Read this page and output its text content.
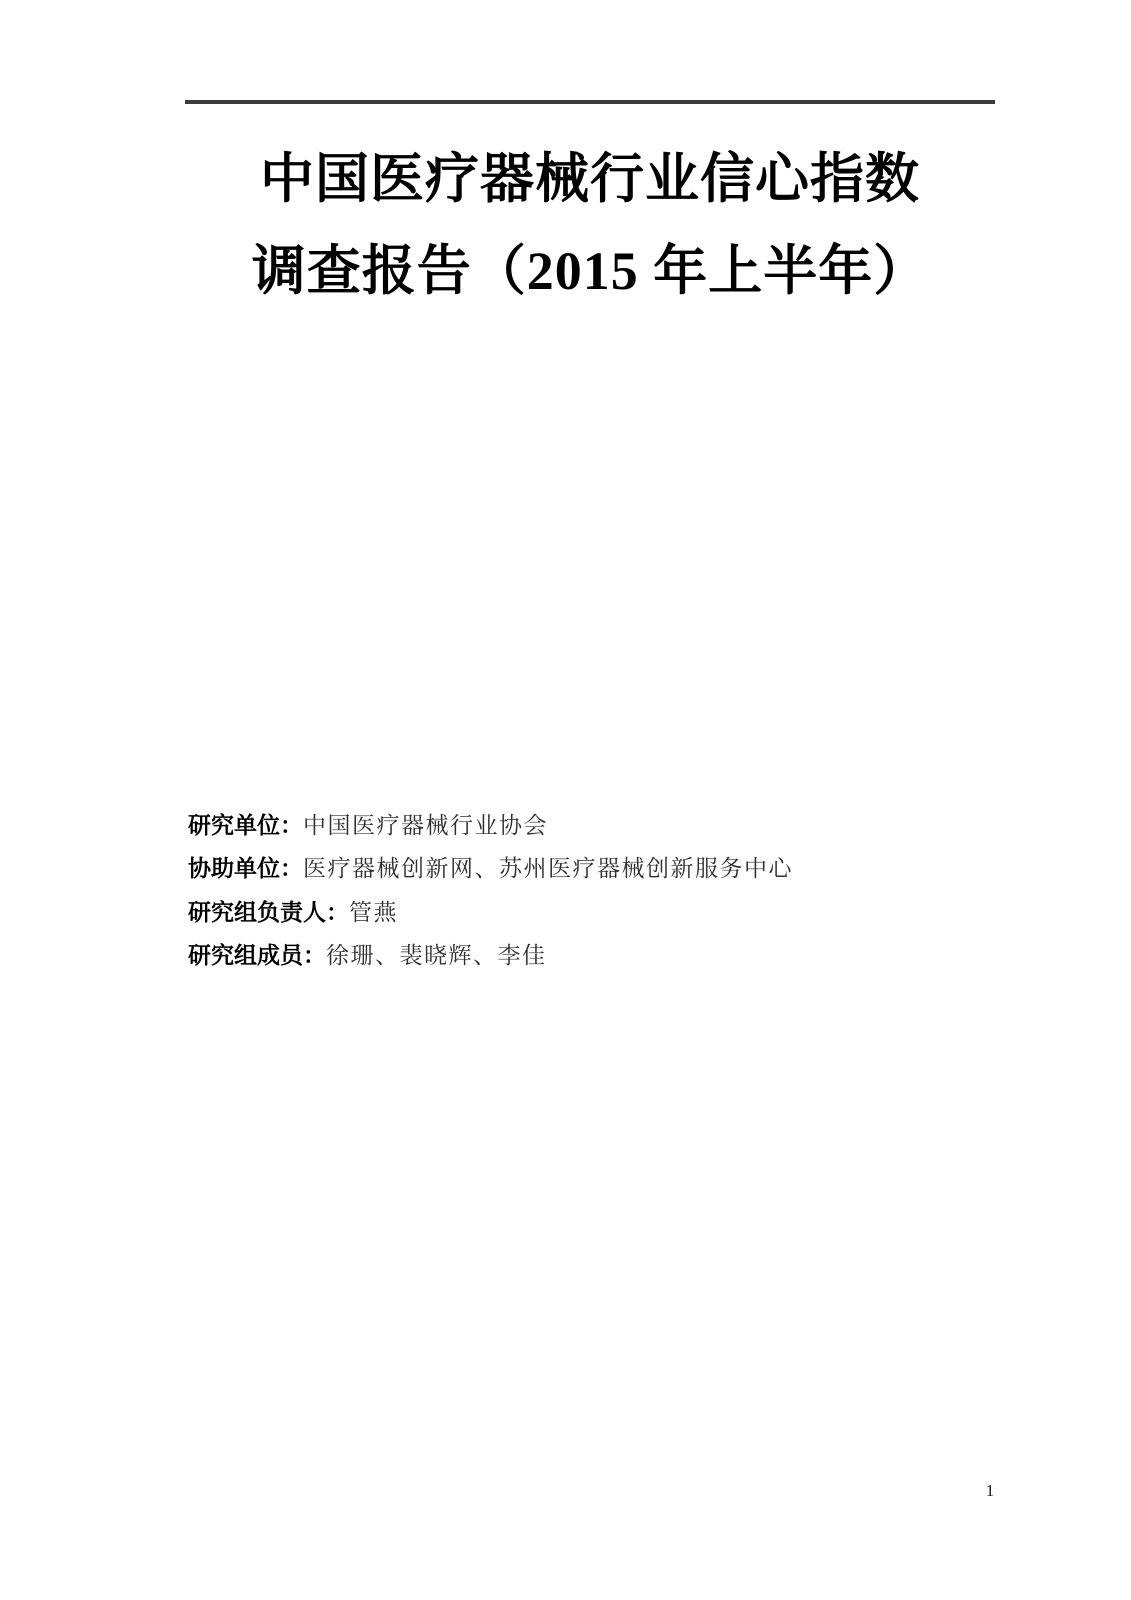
中国医疗器械行业信心指数
调查报告（2015 年上半年）
研究单位：中国医疗器械行业协会
协助单位：医疗器械创新网、苏州医疗器械创新服务中心
研究组负责人：管燕
研究组成员：徐珊、裴晓辉、李佳
1
